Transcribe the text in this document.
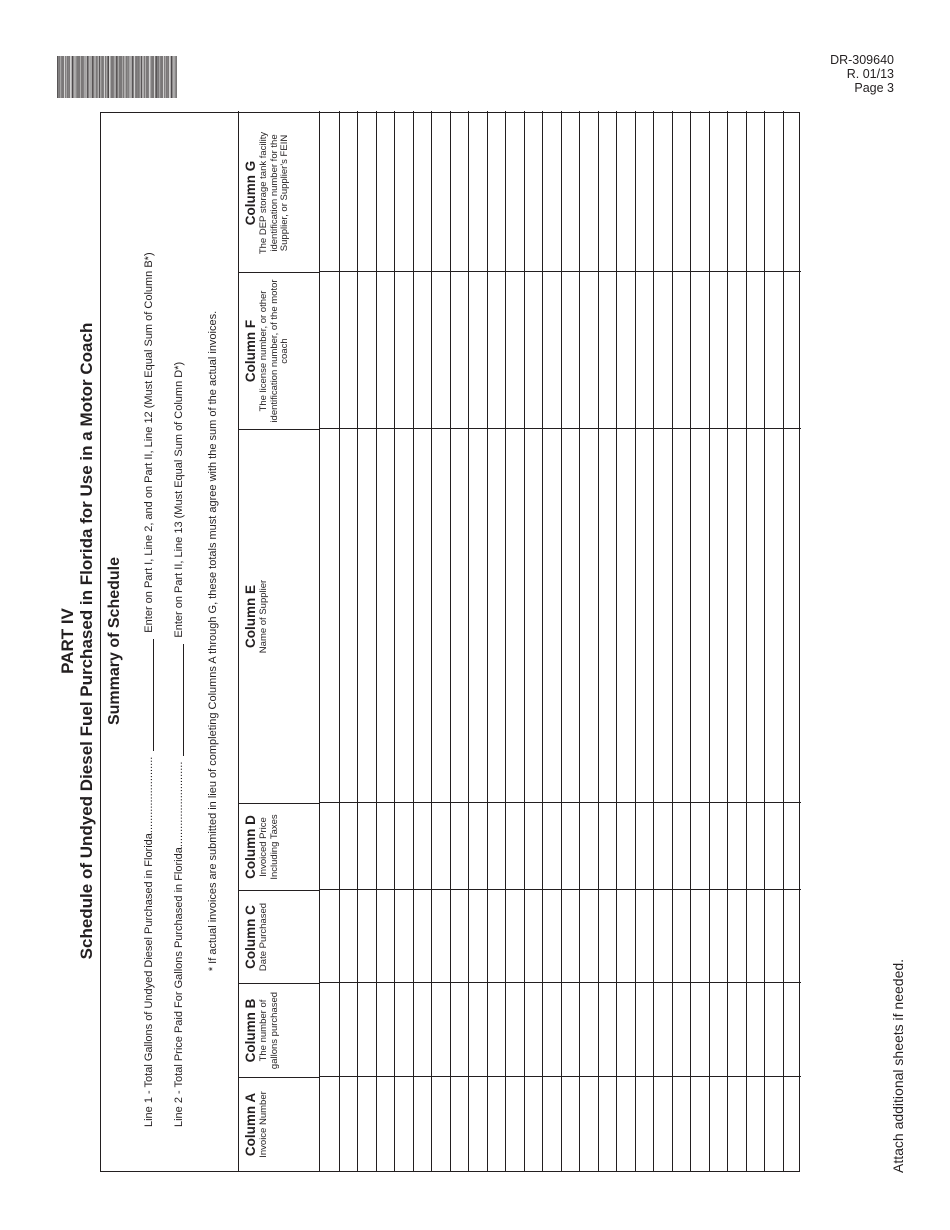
DR-309640
R. 01/13
Page 3
Attach additional sheets if needed.
PART IV Schedule of Undyed Diesel Fuel Purchased in Florida for Use in a Motor Coach Summary of Schedule
Line 1 - Total Gallons of Undyed Diesel Purchased in Florida.........................
Enter on Part I, Line 2, and on Part II, Line 12 (Must Equal Sum of Column B*)
Line 2 - Total Price Paid For Gallons Purchased in Florida............................
Enter on Part II, Line 13 (Must Equal Sum of Column D*) * If actual invoices are submitted in lieu of completing Columns A through G, these totals must agree with the sum of the actual invoices.
Column A Invoice Number
Column B The number of gallons purchased
Column C Date Purchased
Column D Invoiced Price Including Taxes
Column E Name of Supplier
Column F The license number, or other identification number, of the motor coach
Column G The DEP storage tank facility identification number for the Supplier, or Supplier's FEIN
